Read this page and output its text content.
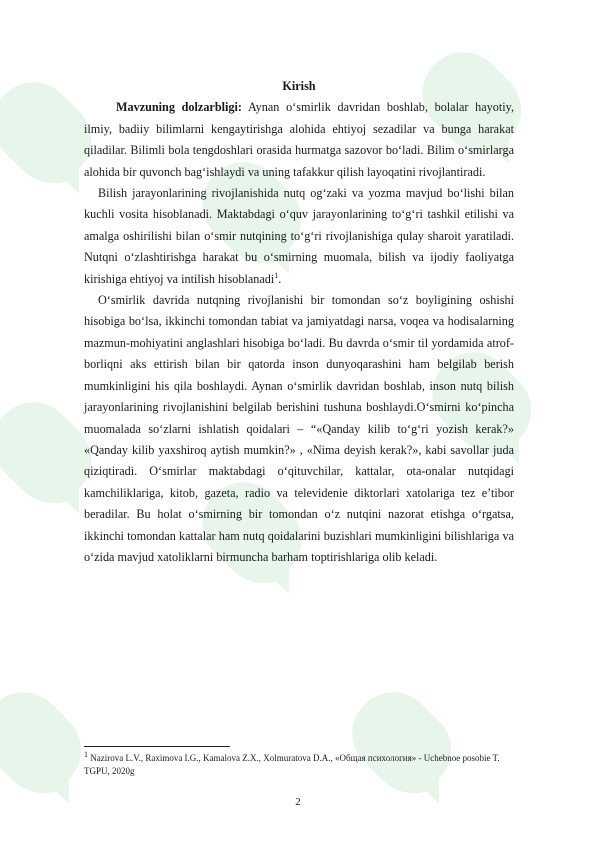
Kirish

Mavzuning dolzarbligi: Aynan o‘smirlik davridan boshlab, bolalar hayotiy, ilmiy, badiiy bilimlarni kengaytirishga alohida ehtiyoj sezadilar va bunga harakat qiladilar. Bilimli bola tengdoshlari orasida hurmatga sazovor bo‘ladi. Bilim o‘smirlarga alohida bir quvonch bag‘ishlaydi va uning tafakkur qilish layoqatini rivojlantiradi.

Bilish jarayonlarining rivojlanishida nutq og‘zaki va yozma mavjud bo‘lishi bilan kuchli vosita hisoblanadi. Maktabdagi o‘quv jarayonlarining to‘g‘ri tashkil etilishi va amalga oshirilishi bilan o‘smir nutqining to‘g‘ri rivojlanishiga qulay sharoit yaratiladi. Nutqni o‘zlashtirishga harakat bu o‘smirning muomala, bilish va ijodiy faoliyatga kirishiga ehtiyoj va intilish hisoblanadi$^1$.

O‘smirlik davrida nutqning rivojlanishi bir tomondan so‘z boyligining oshishi hisobiga bo‘lsa, ikkinchi tomondan tabiat va jamiyatdagi narsa, voqea va hodisalarning mazmun-mohiyatini anglashlari hisobiga bo‘ladi. Bu davrda o‘smir til yordamida atrof-borliqni aks ettirish bilan bir qatorda inson dunyoqarashini ham belgilab berish mumkinligini his qila boshlaydi. Aynan o‘smirlik davridan boshlab, inson nutq bilish jarayonlarining rivojlanishini belgilab berishini tushuna boshlaydi.O‘smirni ko‘pincha muomalada so‘zlarni ishlatish qoidalari – “«Qanday kilib to‘g‘ri yozish kerak?» «Qanday kilib yaxshiroq aytish mumkin?» , «Nima deyish kerak?», kabi savollar juda qiziqtiradi. O‘smirlar maktabdagi o‘qituvchilar, kattalar, ota-onalar nutqidagi kamchiliklariga, kitob, gazeta, radio va televidenie diktorlari xatolariga tez e’tibor beradilar. Bu holat o‘smirning bir tomondan o‘z nutqini nazorat etishga o‘rgatsa, ikkinchi tomondan kattalar ham nutq qoidalarini buzishlari mumkinligini bilishlariga va o‘zida mavjud xatoliklarni birmuncha barham toptirishlariga olib keladi.

$^1$ Nazirova L.V., Raximova I.G., Kamalova Z.X., Xolmuratova D.A., «Общая психология» - Uchebnoe posobie T. TGPU, 2020g
2
